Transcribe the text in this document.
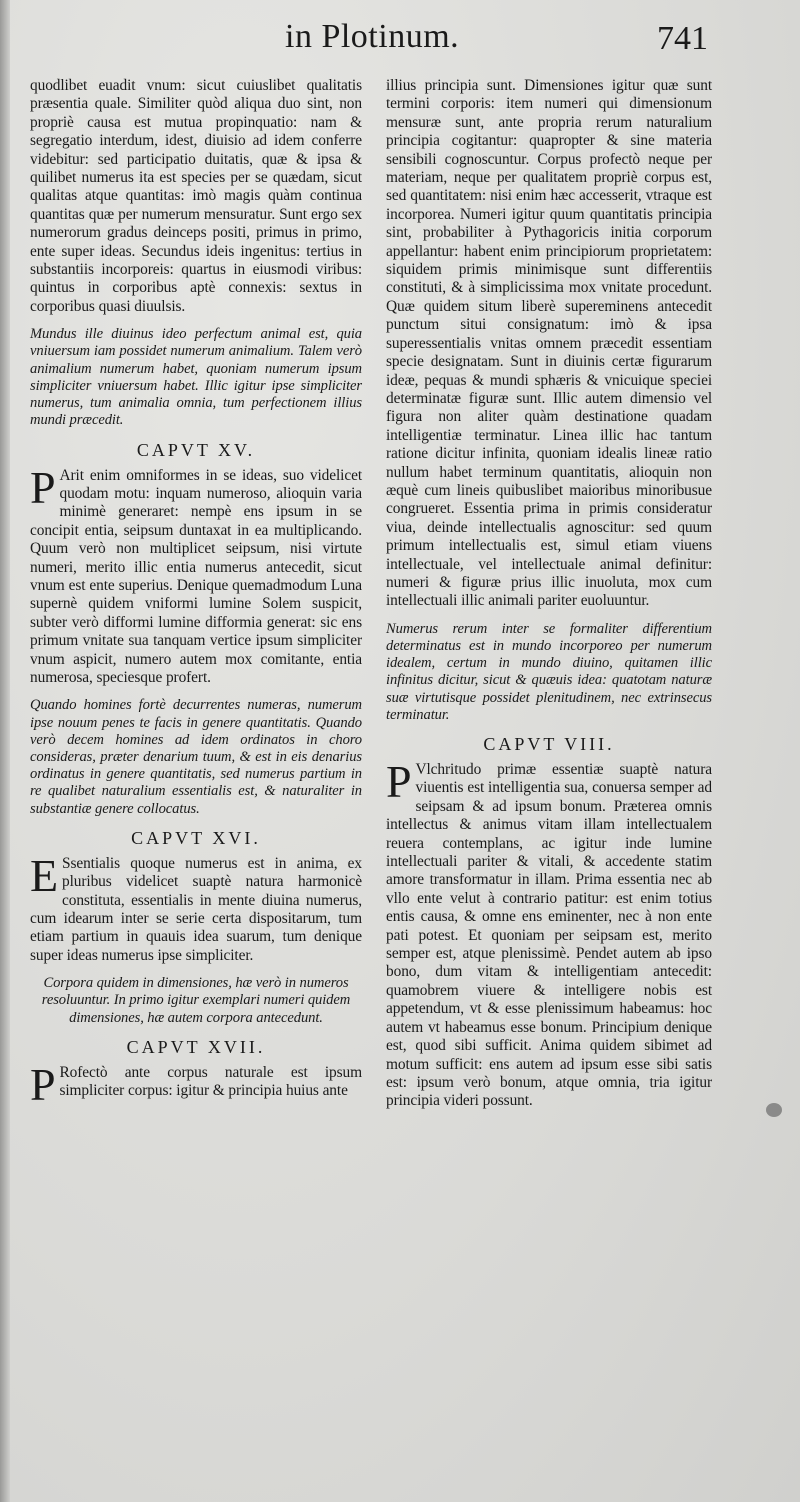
in Plotinum.	741

quodlibet euadit vnum: sicut cuiuslibet qualitatis præsentia quale. Similiter quòd aliqua duo sint, non propriè causa est mutua propinquatio: nam & segregatio interdum, idest, diuisio ad idem conferre videbitur: sed participatio duitatis, quæ & ipsa & quilibet numerus ita est species per se quædam, sicut qualitas atque quantitas: imò magis quàm continua quantitas quæ per numerum mensuratur. Sunt ergo sex numerorum gradus deinceps positi, primus in primo, ente super ideas. Secundus ideis ingenitus: tertius in substantiis incorporeis: quartus in eiusmodi viribus: quintus in corporibus aptè connexis: sextus in corporibus quasi diuulsis.

Mundus ille diuinus ideo perfectum animal est, quia vniuersum iam possidet numerum animalium. Talem verò animalium numerum habet, quoniam numerum ipsum simpliciter vniuersum habet. Illic igitur ipse simpliciter numerus, tum animalia omnia, tum perfectionem illius mundi præcedit.

CAPVT XV.

P Arit enim omniformes in se ideas, suo videlicet quodam motu: inquam numeroso, alioquin varia minimè generaret: nempè ens ipsum in se concipit entia, seipsum duntaxat in ea multiplicando. Quum verò non multiplicet seipsum, nisi virtute numeri, merito illic entia numerus antecedit, sicut vnum est ente superius. Denique quemadmodum Luna supernè quidem vniformi lumine Solem suspicit, subter verò difformi lumine difformia generat: sic ens primum vnitate sua tanquam vertice ipsum simpliciter vnum aspicit, numero autem mox comitante, entia numerosa, speciesque profert.

Quando homines fortè decurrentes numeras, numerum ipse nouum penes te facis in genere quantitatis. Quando verò decem homines ad idem ordinatos in choro consideras, præter denarium tuum, & est in eis denarius ordinatus in genere quantitatis, sed numerus partium in re qualibet naturalium essentialis est, & naturaliter in substantiæ genere collocatus.

CAPVT XVI.

E Ssentialis quoque numerus est in anima, ex pluribus videlicet suaptè natura harmonicè constituta, essentialis in mente diuina numerus, cum idearum inter se serie certa dispositarum, tum etiam partium in quauis idea suarum, tum denique super ideas numerus ipse simpliciter.

Corpora quidem in dimensiones, hæ verò in numeros resoluuntur. In primo igitur exemplari numeri quidem dimensiones, hæ autem corpora antecedunt.

CAPVT XVII.

P Rofectò ante corpus naturale est ipsum simpliciter corpus: igitur & principia huius ante

illius principia sunt. Dimensiones igitur quæ sunt termini corporis: item numeri qui dimensionum mensuræ sunt, ante propria rerum naturalium principia cogitantur: quapropter & sine materia sensibili cognoscuntur. Corpus profectò neque per materiam, neque per qualitatem propriè corpus est, sed quantitatem: nisi enim hæc accesserit, vtraque est incorporea. Numeri igitur quum quantitatis principia sint, probabiliter à Pythagoricis initia corporum appellantur: habent enim principiorum proprietatem: siquidem primis minimisque sunt differentiis constituti, & à simplicissima mox vnitate procedunt. Quæ quidem situm liberè supereminens antecedit punctum situi consignatum: imò & ipsa superessentialis vnitas omnem præcedit essentiam specie designatam. Sunt in diuinis certæ figurarum ideæ, pequas & mundi sphæris & vnicuique speciei determinatæ figuræ sunt. Illic autem dimensio vel figura non aliter quàm destinatione quadam intelligentiæ terminatur. Linea illic hac tantum ratione dicitur infinita, quoniam idealis lineæ ratio nullum habet terminum quantitatis, alioquin non æquè cum lineis quibuslibet maioribus minoribusue congrueret. Essentia prima in primis consideratur viua, deinde intellectualis agnoscitur: sed quum primum intellectualis est, simul etiam viuens intellectuale, vel intellectuale animal definitur: numeri & figuræ prius illic inuoluta, mox cum intellectuali illic animali pariter euoluuntur.

Numerus rerum inter se formaliter differentium determinatus est in mundo incorporeo per numerum idealem, certum in mundo diuino, quitamen illic infinitus dicitur, sicut & quæuis idea: quatotam naturæ suæ virtutisque possidet plenitudinem, nec extrinsecus terminatur.

CAPVT VIII.

P Vlchritudo primæ essentiæ suaptè natura viuentis est intelligentia sua, conuersa semper ad seipsam & ad ipsum bonum. Præterea omnis intellectus & animus vitam illam intellectualem reuera contemplans, ac igitur inde lumine intellectuali pariter & vitali, & accedente statim amore transformatur in illam. Prima essentia nec ab vllo ente velut à contrario patitur: est enim totius entis causa, & omne ens eminenter, nec à non ente pati potest. Et quoniam per seipsam est, merito semper est, atque plenissimè. Pendet autem ab ipso bono, dum vitam & intelligentiam antecedit: quamobrem viuere & intelligere nobis est appetendum, vt & esse plenissimum habeamus: hoc autem vt habeamus esse bonum. Principium denique est, quod sibi sufficit. Anima quidem sibimet ad motum sufficit: ens autem ad ipsum esse sibi satis est: ipsum verò bonum, atque omnia, tria igitur principia videri possunt.
